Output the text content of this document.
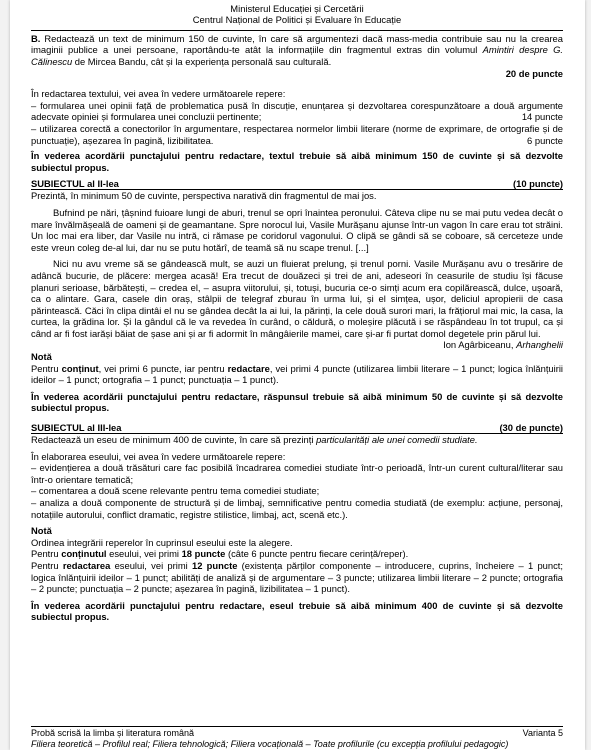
Ministerul Educației și Cercetării
Centrul Național de Politici și Evaluare în Educație

B. Redactează un text de minimum 150 de cuvinte, în care să argumentezi dacă mass-media contribuie sau nu la crearea imaginii publice a unei persoane, raportându-te atât la informațiile din fragmentul extras din volumul Amintiri despre G. Călinescu de Mircea Bandu, cât și la experiența personală sau culturală.

20 de puncte

În redactarea textului, vei avea în vedere următoarele repere:

– formularea unei opinii față de problematica pusă în discuție, enunțarea și dezvoltarea corespunzătoare a două argumente adecvate opiniei și formularea unei concluzii pertinente;	14 puncte

– utilizarea corectă a conectorilor în argumentare, respectarea normelor limbii literare (norme de exprimare, de ortografie și de punctuație), așezarea în pagină, lizibilitatea.	6 puncte

În vederea acordării punctajului pentru redactare, textul trebuie să aibă minimum 150 de cuvinte și să dezvolte subiectul propus.

SUBIECTUL al II-lea	(10 puncte)

Prezintă, în minimum 50 de cuvinte, perspectiva narativă din fragmentul de mai jos.

Bufnind pe nări, țâșnind fuioare lungi de aburi, trenul se opri înaintea peronului. Câteva clipe nu se mai putu vedea decât o mare învălmășeală de oameni și de geamantane. Spre norocul lui, Vasile Murășanu ajunse într-un vagon în care erau tot străini. Un loc mai era liber, dar Vasile nu intră, ci rămase pe coridorul vagonului. O clipă se gândi să se coboare, să cerceteze unde este vreun coleg de-al lui, dar nu se putu hotărî, de teamă să nu scape trenul. [...]

Nici nu avu vreme să se gândească mult, se auzi un fluierat prelung, și trenul porni. Vasile Murășanu avu o tresărire de adâncă bucurie, de plăcere: mergea acasă! Era trecut de douăzeci și trei de ani, adeseori în ceasurile de studiu își făcuse planuri serioase, bărbătești, – credea el, – asupra viitorului, și, totuși, bucuria ce-o simți acum era copilărească, dulce, ușoară, ca o alintare. Gara, casele din oraș, stâlpii de telegraf zburau în urma lui, și el simțea, ușor, deliciul apropierii de casa părintească. Căci în clipa dintâi el nu se gândea decât la ai lui, la părinți, la cele două surori mari, la frățiorul mai mic, la casa, la curtea, la grădina lor. Și la gândul că le va revedea în curând, o căldură, o moleșire plăcută i se răspândeau în tot trupul, ca și când ar fi fost iarăși băiat de șase ani și ar fi adormit în mângâierile mamei, care și-ar fi purtat domol degetele prin părul lui.

Ion Agârbiceanu, Arhanghelii

Notă

Pentru conținut, vei primi 6 puncte, iar pentru redactare, vei primi 4 puncte (utilizarea limbii literare – 1 punct; logica înlănțuirii ideilor – 1 punct; ortografia – 1 punct; punctuația – 1 punct).

În vederea acordării punctajului pentru redactare, răspunsul trebuie să aibă minimum 50 de cuvinte și să dezvolte subiectul propus.

SUBIECTUL al III-lea	(30 de puncte)

Redactează un eseu de minimum 400 de cuvinte, în care să prezinți particularități ale unei comedii studiate.

În elaborarea eseului, vei avea în vedere următoarele repere:

– evidențierea a două trăsături care fac posibilă încadrarea comediei studiate într-o perioadă, într-un curent cultural/literar sau într-o orientare tematică;

– comentarea a două scene relevante pentru tema comediei studiate;

– analiza a două componente de structură și de limbaj, semnificative pentru comedia studiată (de exemplu: acțiune, personaj, notațiile autorului, conflict dramatic, registre stilistice, limbaj, act, scenă etc.).

Notă

Ordinea integrării reperelor în cuprinsul eseului este la alegere.

Pentru conținutul eseului, vei primi 18 puncte (câte 6 puncte pentru fiecare cerință/reper).

Pentru redactarea eseului, vei primi 12 puncte (existența părților componente – introducere, cuprins, încheiere – 1 punct; logica înlănțuirii ideilor – 1 punct; abilități de analiză și de argumentare – 3 puncte; utilizarea limbii literare – 2 puncte; ortografia – 2 puncte; punctuația – 2 puncte; așezarea în pagină, lizibilitatea – 1 punct).

În vederea acordării punctajului pentru redactare, eseul trebuie să aibă minimum 400 de cuvinte și să dezvolte subiectul propus.

Probă scrisă la limba și literatura română	Varianta 5
Filiera teoretică – Profilul real; Filiera tehnologică; Filiera vocațională – Toate profilurile (cu excepția profilului pedagogic)
